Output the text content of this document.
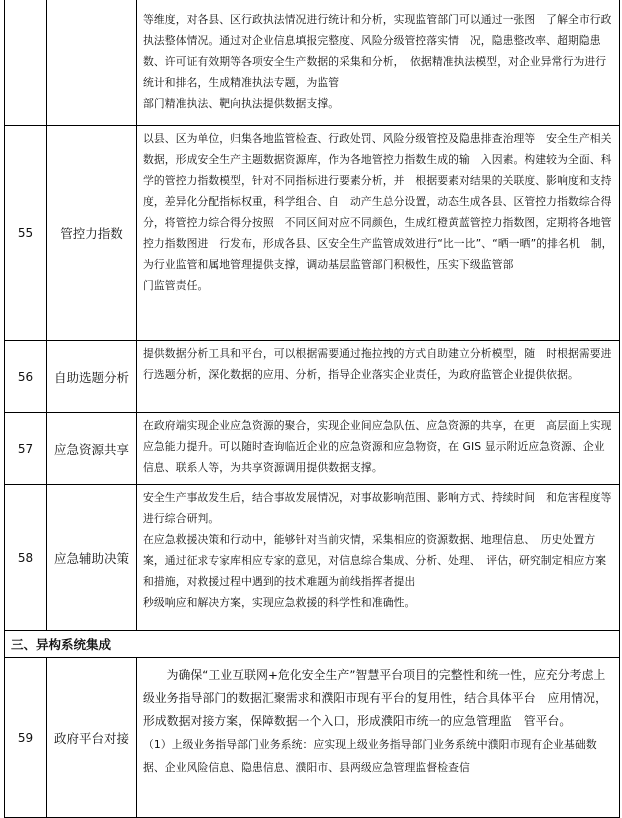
		等维度，对各县、区行政执法情况进行统计和分析，实现监管部门可以通过一张图　了解全市行政执法整体情况。通过对企业信息填报完整度、风险分级管控落实情　况，隐患整改率、超期隐患数、许可证有效期等各项安全生产数据的采集和分析，　依据精准执法模型，对企业异常行为进行统计和排名，生成精准执法专题，为监管

部门精准执法、靶向执法提供数据支撑。

55	管控力指数	以县、区为单位，归集各地监管检查、行政处罚、风险分级管控及隐患排查治理等　安全生产相关数据，形成安全生产主题数据资源库，作为各地管控力指数生成的输　入因素。构建较为全面、科学的管控力指数模型，针对不同指标进行要素分析，并　根据要素对结果的关联度、影响度和支持度，差异化分配指标权重，科学组合、自　动产生总分设置，动态生成各县、区管控力指数综合得分，将管控力综合得分按照　不同区间对应不同颜色，生成红橙黄蓝管控力指数图，定期将各地管控力指数图进　行发布，形成各县、区安全生产监管成效进行“比一比”、“晒一晒”的排名机　制，为行业监管和属地管理提供支撑，调动基层监管部门积极性，压实下级监管部

门监管责任。

56	自助选题分析	提供数据分析工具和平台，可以根据需要通过拖拉拽的方式自助建立分析模型，随　时根据需要进行选题分析，深化数据的应用、分析，指导企业落实企业责任，为政府监管企业提供依据。

57	应急资源共享	在政府端实现企业应急资源的聚合，实现企业间应急队伍、应急资源的共享，在更　高层面上实现应急能力提升。可以随时查询临近企业的应急资源和应急物资，在 GIS 显示附近应急资源、企业信息、联系人等，为共享资源调用提供数据支撑。

58	应急辅助决策	安全生产事故发生后，结合事故发展情况，对事故影响范围、影响方式、持续时间　和危害程度等进行综合研判。

在应急救援决策和行动中，能够针对当前灾情，采集相应的资源数据、地理信息、　历史处置方案，通过征求专家库相应专家的意见，对信息综合集成、分析、处理、　评估，研究制定相应方案和措施，对救援过程中遇到的技术难题为前线指挥者提出

秒级响应和解决方案，实现应急救援的科学性和准确性。

三、异构系统集成		
59	政府平台对接	为确保“工业互联网+危化安全生产”智慧平台项目的完整性和统一性，应充分考虑上级业务指导部门的数据汇聚需求和濮阳市现有平台的复用性，结合具体平台　应用情况，形成数据对接方案，保障数据一个入口，形成濮阳市统一的应急管理监　管平台。

（1）上级业务指导部门业务系统：应实现上级业务指导部门业务系统中濮阳市现有企业基础数据、企业风险信息、隐患信息、濮阳市、县两级应急管理监督检查信
